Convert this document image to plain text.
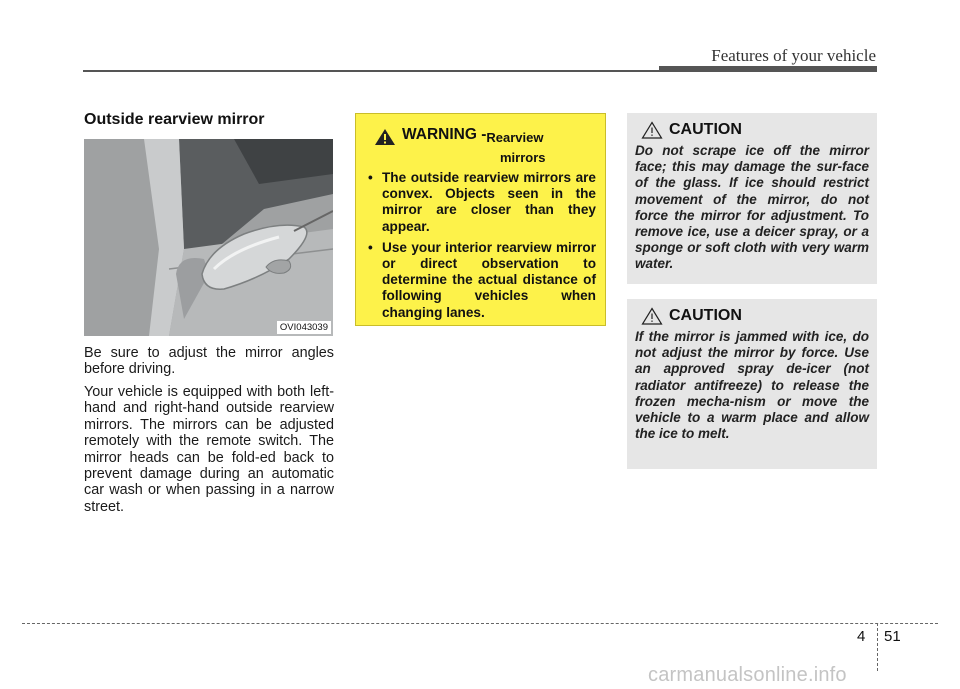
Features of your vehicle
Outside rearview mirror
OVI043039

Be sure to adjust the mirror angles before driving.

Your vehicle is equipped with both left-hand and right-hand outside rearview mirrors. The mirrors can be adjusted remotely with the remote switch. The mirror heads can be fold-ed back to prevent damage during an automatic car wash or when passing in a narrow street.

WARNING - Rearview
mirrors
• The outside rearview mirrors are convex. Objects seen in the mirror are closer than they appear.
• Use your interior rearview mirror or direct observation to determine the actual distance of following vehicles when changing lanes.
CAUTION

Do not scrape ice off the mirror face; this may damage the sur-face of the glass. If ice should restrict movement of the mirror, do not force the mirror for adjustment. To remove ice, use a deicer spray, or a sponge or soft cloth with very warm water.

CAUTION

If the mirror is jammed with ice, do not adjust the mirror by force. Use an approved spray de-icer (not radiator antifreeze) to release the frozen mecha-nism or move the vehicle to a warm place and allow the ice to melt.

4 51
carmanualsonline.info
